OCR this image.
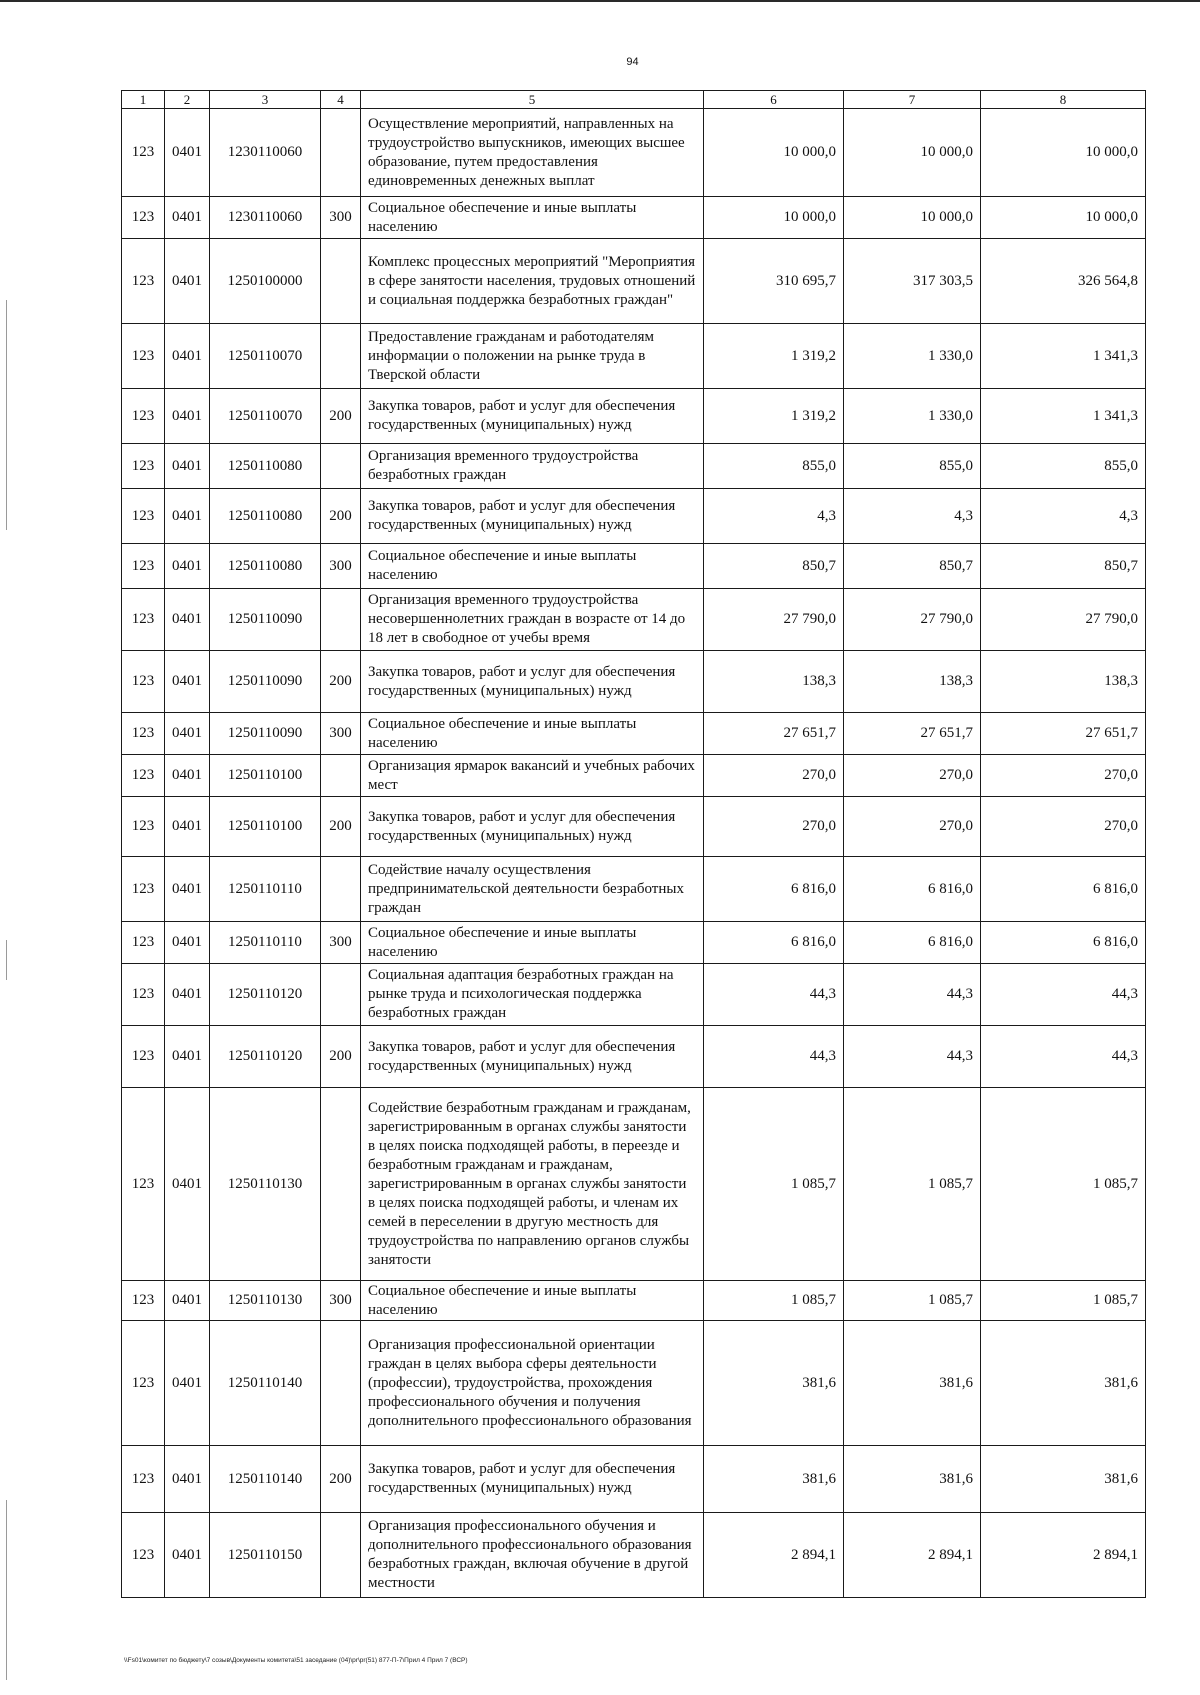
94
1	2	3	4	5	6	7	8
123	0401	1230110060		Осуществление мероприятий, направленных на трудоустройство выпускников, имеющих высшее образование, путем предоставления единовременных денежных выплат	10 000,0	10 000,0	10 000,0
123	0401	1230110060	300	Социальное обеспечение и иные выплаты населению	10 000,0	10 000,0	10 000,0
123	0401	1250100000		Комплекс процессных мероприятий "Мероприятия в сфере занятости населения, трудовых отношений и социальная поддержка безработных граждан"	310 695,7	317 303,5	326 564,8
123	0401	1250110070		Предоставление гражданам и работодателям информации о положении на рынке труда в Тверской области	1 319,2	1 330,0	1 341,3
123	0401	1250110070	200	Закупка товаров, работ и услуг для обеспечения государственных (муниципальных) нужд	1 319,2	1 330,0	1 341,3
123	0401	1250110080		Организация временного трудоустройства безработных граждан	855,0	855,0	855,0
123	0401	1250110080	200	Закупка товаров, работ и услуг для обеспечения государственных (муниципальных) нужд	4,3	4,3	4,3
123	0401	1250110080	300	Социальное обеспечение и иные выплаты населению	850,7	850,7	850,7
123	0401	1250110090		Организация временного трудоустройства несовершеннолетних граждан в возрасте от 14 до 18 лет в свободное от учебы время	27 790,0	27 790,0	27 790,0
123	0401	1250110090	200	Закупка товаров, работ и услуг для обеспечения государственных (муниципальных) нужд	138,3	138,3	138,3
123	0401	1250110090	300	Социальное обеспечение и иные выплаты населению	27 651,7	27 651,7	27 651,7
123	0401	1250110100		Организация ярмарок вакансий и учебных рабочих мест	270,0	270,0	270,0
123	0401	1250110100	200	Закупка товаров, работ и услуг для обеспечения государственных (муниципальных) нужд	270,0	270,0	270,0
123	0401	1250110110		Содействие началу осуществления предпринимательской деятельности безработных граждан	6 816,0	6 816,0	6 816,0
123	0401	1250110110	300	Социальное обеспечение и иные выплаты населению	6 816,0	6 816,0	6 816,0
123	0401	1250110120		Социальная адаптация безработных граждан на рынке труда и психологическая поддержка безработных граждан	44,3	44,3	44,3
123	0401	1250110120	200	Закупка товаров, работ и услуг для обеспечения государственных (муниципальных) нужд	44,3	44,3	44,3
123	0401	1250110130		Содействие безработным гражданам и гражданам, зарегистрированным в органах службы занятости в целях поиска подходящей работы, в переезде и безработным гражданам и гражданам, зарегистрированным в органах службы занятости в целях поиска подходящей работы, и членам их семей в переселении в другую местность для трудоустройства по направлению органов службы занятости	1 085,7	1 085,7	1 085,7
123	0401	1250110130	300	Социальное обеспечение и иные выплаты населению	1 085,7	1 085,7	1 085,7
123	0401	1250110140		Организация профессиональной ориентации граждан в целях выбора сферы деятельности (профессии), трудоустройства, прохождения профессионального обучения и получения дополнительного профессионального образования	381,6	381,6	381,6
123	0401	1250110140	200	Закупка товаров, работ и услуг для обеспечения государственных (муниципальных) нужд	381,6	381,6	381,6
123	0401	1250110150		Организация профессионального обучения и дополнительного профессионального образования безработных граждан, включая обучение в другой местности	2 894,1	2 894,1	2 894,1
\\Fs01\комитет по бюджету\7 созыв\Документы комитета\51 заседание (04)\pr\pr(51) 877-П-7\Прил 4 Прил 7 (ВСР)
